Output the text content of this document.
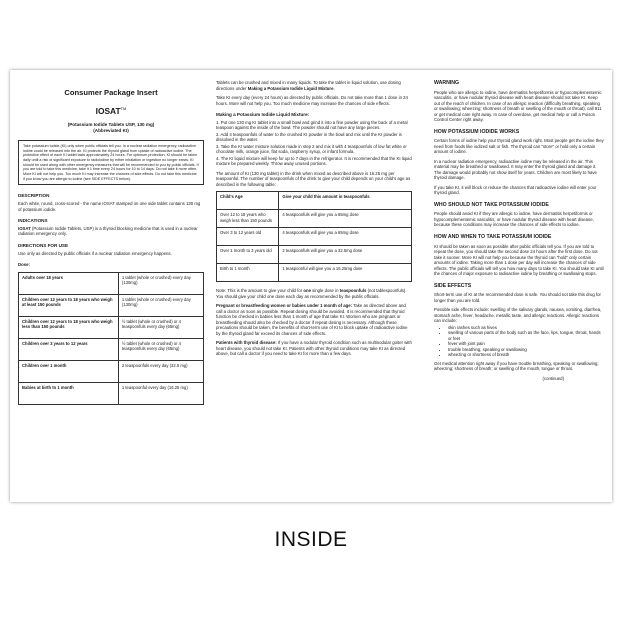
Consumer Package Insert
IOSAT™
(Potassium Iodide Tablets USP, 130 mg)
(Abbreviated KI)
Take potassium iodide (KI) only when public officials tell you. In a nuclear radiation emergency, radioactive iodine could be released into the air. KI protects the thyroid gland from uptake of radioactive iodine. The protective effect of each KI tablet lasts approximately 24 hours. For optimum protection, KI should be taken daily until a risk of significant exposure to radioiodine by either inhalation or ingestion no longer exists. KI should be used along with other emergency measures that will be recommended to you by public officials. If you are told to take this medicine, take it 1 time every 24 hours for 10 to 14 days. Do not take it more often. More KI will not help you. Too much KI may increase the chances of side effects. Do not take this medicine if you know you are allergic to iodine (see SIDE EFFECTS below).
DESCRIPTION

Each white, round, cross-scored - the name IOSAT stamped on one side tablet contains 130 mg of potassium iodide.

INDICATIONS

IOSAT (Potassium Iodide Tablets, USP) is a thyroid blocking medicine that is used in a nuclear radiation emergency only.

DIRECTIONS FOR USE

Use only as directed by public officials if a nuclear radiation emergency happens.

Dose:

Adults over 18 years	1 tablet (whole or crushed) every day (130mg)
Children over 12 years to 18 years who weigh at least 150 pounds	1 tablet (whole or crushed) every day (130mg)
Children over 12 years to 18 years who weigh less than 150 pounds	½ tablet (whole or crushed) or 4 teaspoonfuls every day (65mg)
Children over 3 years to 12 years	½ tablet (whole or crushed) or 4 teaspoonfuls every day (65mg)
Children over 1 month	2 teaspoonfuls every day (32.5 mg)
Babies at birth to 1 month	1 teaspoonful every day (16.25 mg)

Tablets can be crushed and mixed in many liquids. To take the tablet in liquid solution, use dosing directions under Making a Potassium Iodide Liquid Mixture.

Take KI every day (every 24 hours) as directed by public officials. Do not take more than 1 dose in 24 hours. More will not help you. Too much medicine may increase the chances of side effects.

Making a Potassium Iodide Liquid Mixture:

1. Put one 130 mg KI tablet into a small bowl and grind it into a fine powder using the back of a metal teaspoon against the inside of the bowl. The powder should not have any large pieces.

2. Add 4 teaspoonfuls of water to the crushed KI powder in the bowl and mix until the KI powder is dissolved in the water.

3. Take the KI water mixture solution made in step 2 and mix it with 4 teaspoonfuls of low fat white or chocolate milk, orange juice, flat soda, raspberry syrup, or infant formula.

4. The KI liquid mixture will keep for up to 7 days in the refrigerator. It is recommended that the KI liquid mixture be prepared weekly. Throw away unused portions.

The amount of KI (130 mg tablet) in the drink when mixed as described above is 16.25 mg per teaspoonful. The number of teaspoonfuls of the drink to give your child depends on your child's age as described in the following table:

Child's Age	Give your child this amount in teaspoonfuls
Over 12 to 18 years who weigh less than 150 pounds	4 teaspoonfuls will give you a 65mg dose
Over 3 to 12 years old	4 teaspoonfuls will give you a 65mg dose
Over 1 month to 3 years old	2 teaspoonfuls will give you a 32.5mg dose
Birth to 1 month	1 teaspoonful will give you a 16.25mg dose

Note: This is the amount to give your child for one single dose in teaspoonfuls (not tablespoonfuls). You should give your child one dose each day as recommended by the public officials.

Pregnant or breastfeeding women or babies under 1 month of age: Take as directed above and call a doctor as soon as possible. Repeat dosing should be avoided. It is recommended that thyroid function be checked in babies less than 1 month of age that take KI. Women who are pregnant or breastfeeding should also be checked by a doctor if repeat dosing is necessary. Although these precautions should be taken, the benefits of short-term use of KI to block uptake of radioactive iodine by the thyroid gland far exceed its chances of side effects.

Patients with thyroid disease: If you have a nodular thyroid condition such as multinodular goiter with heart disease, you should not take KI. Patients with other thyroid conditions may take KI as directed above, but call a doctor if you need to take KI for more than a few days.

WARNING

People who are allergic to iodine, have dermatitis herpetiformis or hypocomplementemic vasculitis, or have nodular thyroid disease with heart disease should not take KI. Keep out of the reach of children. In case of an allergic reaction (difficulty breathing, speaking or swallowing; wheezing; shortness of breath or swelling of the mouth or throat), call 911 or get medical care right away. In case of overdose, get medical help or call a Poison Control Center right away.

HOW POTASSIUM IODIDE WORKS

Certain forms of iodine help your thyroid gland work right. Most people get the iodine they need from foods like iodized salt or fish. The thyroid can "store" or hold only a certain amount of iodine.

In a nuclear radiation emergency, radioactive iodine may be released in the air. This material may be breathed or swallowed. It may enter the thyroid gland and damage it. The damage would probably not show itself for years. Children are most likely to have thyroid damage.

If you take KI, it will block or reduce the chances that radioactive iodine will enter your thyroid gland.

WHO SHOULD NOT TAKE POTASSIUM IODIDE

People should avoid KI if they are allergic to iodine, have dermatitis herpetiformis or hypocomplementemic vasculitis, or have nodular thyroid disease with heart disease, because these conditions may increase the chances of side effects to iodine.

HOW AND WHEN TO TAKE POTASSIUM IODIDE

KI should be taken as soon as possible after public officials tell you. If you are told to repeat the dose, you should take the second dose 24 hours after the first dose. Do not take it sooner. More KI will not help you because the thyroid can "hold" only certain amounts of iodine. Taking more than 1 dose per day will increase the chances of side effects. The public officials will tell you how many days to take KI. You should take KI until the chances of major exposure to radioactive iodine by breathing or swallowing stops.

SIDE EFFECTS

Short-term use of KI at the recommended dose is safe. You should not take this drug for longer than you are told.

Possible side effects include: swelling of the salivary glands, nausea, vomiting, diarrhea, stomach ache, fever, headache, metallic taste, and allergic reactions. Allergic reactions can include:

• skin rashes such as hives
• swelling of various parts of the body such as the face, lips, tongue, throat, hands or feet
• fever with joint pain
• trouble breathing, speaking or swallowing
• wheezing or shortness of breath

Get medical attention right away if you have trouble breathing, speaking or swallowing; wheezing; shortness of breath; or swelling of the mouth, tongue or throat.

(continued)

INSIDE
